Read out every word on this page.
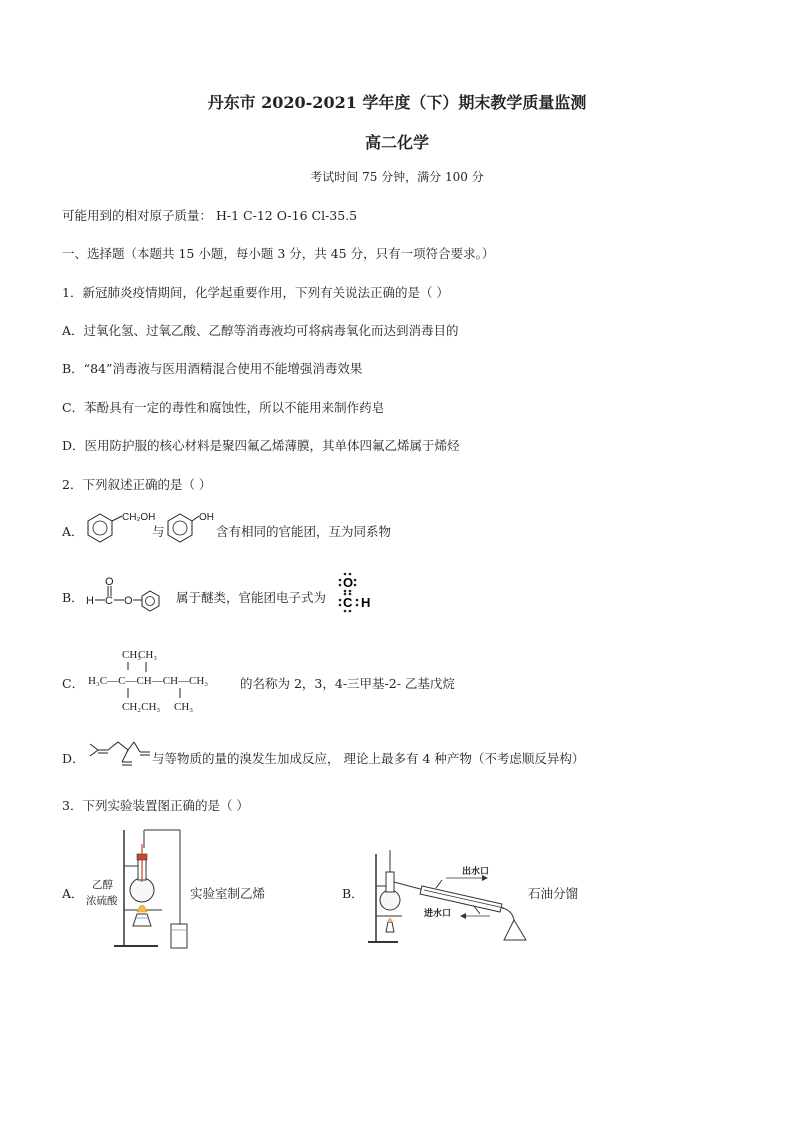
丹东市 2020-2021 学年度（下）期末教学质量监测
高二化学
考试时间 75 分钟，满分 100 分
可能用到的相对原子质量： H-1 C-12 O-16 Cl-35.5
一、选择题（本题共 15 小题，每小题 3 分，共 45 分，只有一项符合要求。）
1．新冠肺炎疫情期间，化学起重要作用，下列有关说法正确的是（ ）
A．过氧化氢、过氧乙酸、乙醇等消毒液均可将病毒氧化而达到消毒目的
B．“84”消毒液与医用酒精混合使用不能增强消毒效果
C．苯酚具有一定的毒性和腐蚀性，所以不能用来制作药皂
D．医用防护服的核心材料是聚四氟乙烯薄膜，其单体四氟乙烯属于烯烃
2．下列叙述正确的是（ ）
A．
CH₂OH
与
OH
含有相同的官能团，互为同系物
B． H C
O
O	属于醚类，官能团电子式为
O
C H
C．
CH₃
CH₃
H₃C—C—CH—CH—CH₃
CH₂CH₃ CH₃
的名称为 2，3，4-三甲基-2- 乙基戊烷
D．	与等物质的量的溴发生加成反应， 理论上最多有 4 种产物（不考虑顺反异构）
3．下列实验装置图正确的是（ ）
A．
乙醇
浓硫酸	实验室制乙烯	B．
出水口
进水口
石油分馏
